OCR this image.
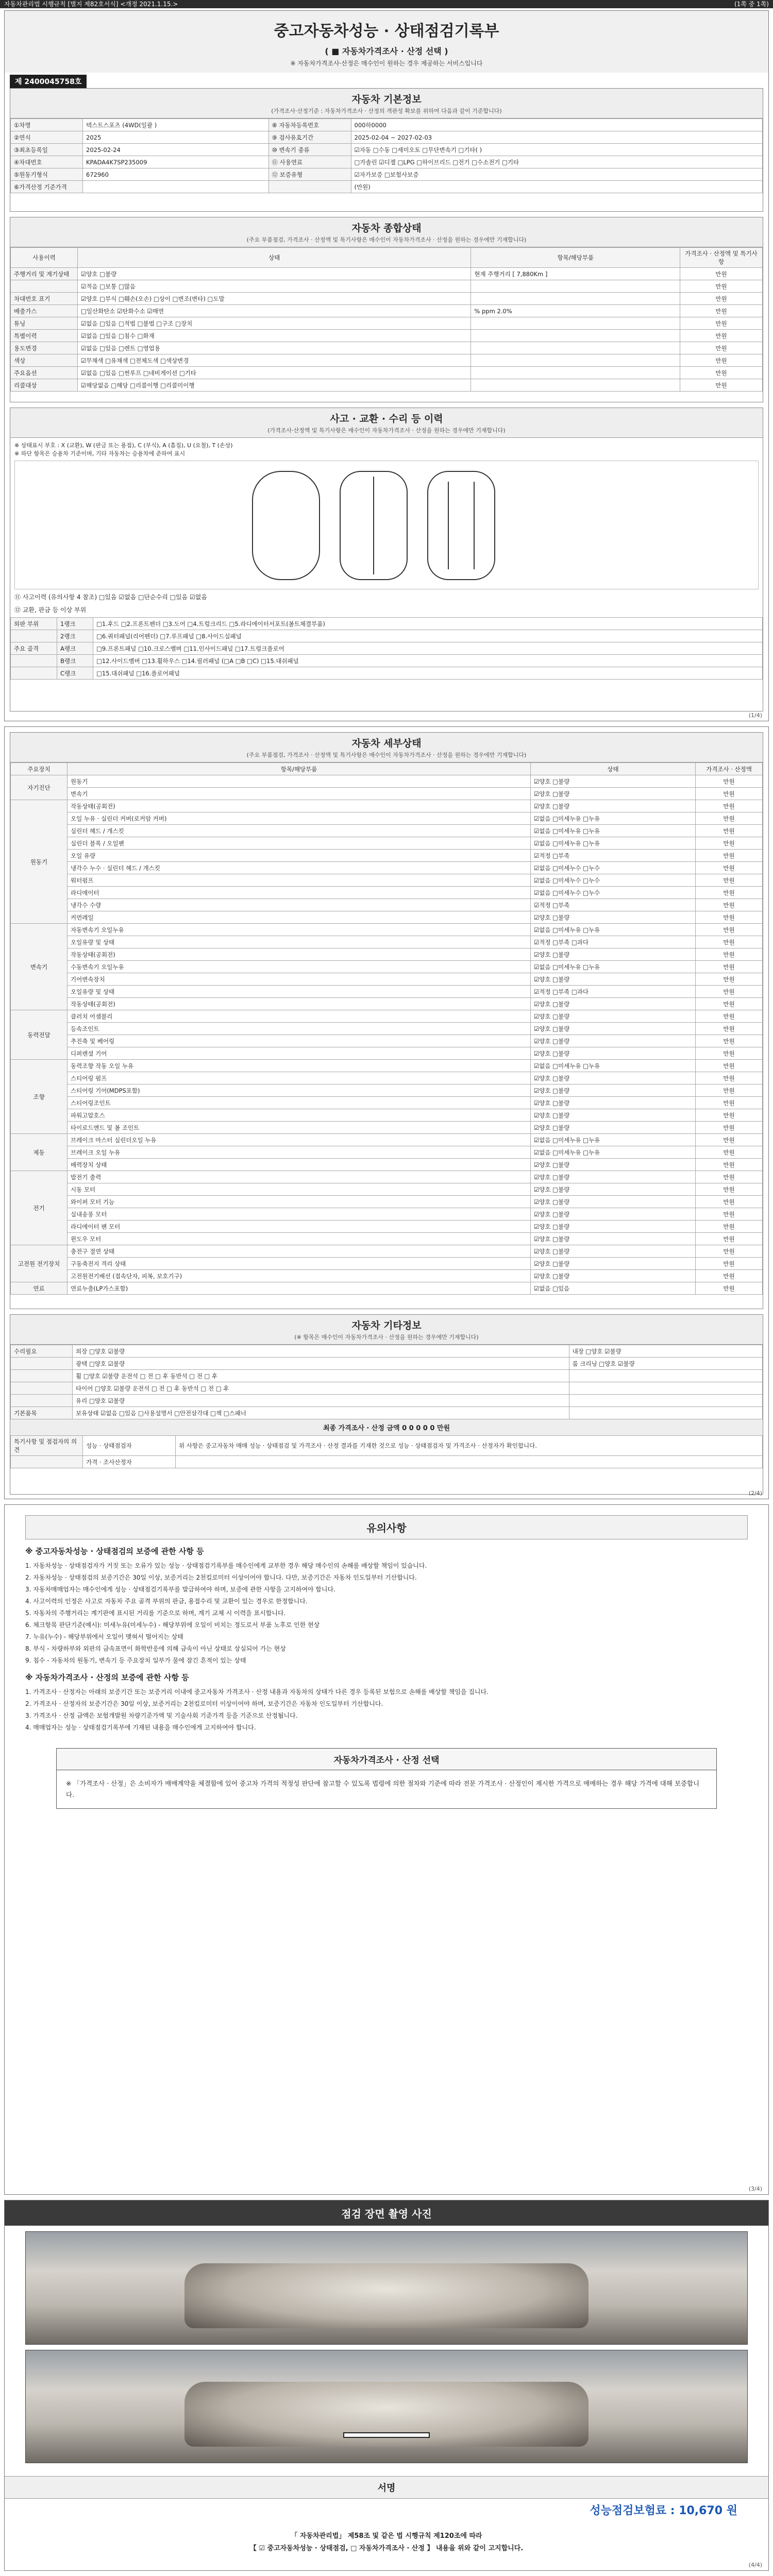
자동차관리법 시행규칙 [별지 제82호서식] <개정 2021.1.15.>	(1쪽 중 1쪽)
중고자동차성능 · 상태점검기록부
( ■ 자동차가격조사 · 산정 선택 )
※ 자동차가격조사·산정은 매수인이 원하는 경우 제공하는 서비스입니다
제 2400045758호
자동차 기본정보
(가격조사·산정기준 : 자동차가격조사 · 산정의 객관성 확보를 위하여 다음과 같이 기준합니다)
①차명	텍스트스포츠 (4WD(일괄 )	⑧ 자동차등록번호	000하0000
②연식	2025	⑨ 검사유효기간	2025-02-04 ~ 2027-02-03
③최초등록일	2025-02-24	⑩ 변속기 종류	☑자동 □수동 □세미오토 □무단변속기 □기타( )
④차대번호	KPADA4K7SP235009	⑪ 사용연료	□가솔린 ☑디젤 □LPG □하이브리드 □전기 □수소전기 □기타
⑤원동기형식	672960	⑫ 보증유형	☑자가보증 □보험사보증
⑥가격산정 기준가격			(만원)
자동차 종합상태
(주요 부품점검, 가격조사 · 산정액 및 특기사항은 매수인이 자동차가격조사 · 산정을 원하는 경우에만 기재합니다)
사용이력	상태	항목/해당부품	가격조사 · 산정액 및 특기사항
주행거리 및 계기상태	☑양호 □불량	현재 주행거리 [ 7,880Km ]	만원
	☑적음 □보통 □많음		만원
차대번호 표기	☑양호 □부식 □훼손(오손) □상이 □변조(변타) □도말		만원
배출가스	□일산화탄소 ☑탄화수소 ☑매연	% ppm 2.0%	만원
튜닝	☑없음 □있음 □적법 □불법 □구조 □장치		만원
특별이력	☑없음 □있음 □침수 □화재		만원
용도변경	☑없음 □있음 □렌트 □영업용		만원
색상	☑무채색 □유채색 □전체도색 □색상변경		만원
주요옵션	☑없음 □있음 □썬루프 □네비게이션 □기타		만원
리콜대상	☑해당없음 □해당 □리콜이행 □리콜미이행		만원
사고 · 교환 · 수리 등 이력
(가격조사·산정액 및 특기사항은 매수인이 자동차가격조사 · 산정을 원하는 경우에만 기재합니다)
※ 상태표시 부호 : X (교환), W (판금 또는 용접), C (부식), A (흠집), U (요철), T (손상)
※ 하단 항목은 승용차 기준이며, 기타 자동차는 승용차에 준하여 표시
⑪ 사고이력 (유의사항 4 참조) □있음 ☑없음 □단순수리 □있음 ☑없음
⑫ 교환, 판금 등 이상 부위
외판 부위	1랭크	□1.후드 □2.프론트펜더 □3.도어 □4.트렁크리드 □5.라디에이터서포트(볼트체결부품)
	2랭크	□6.쿼터패널(리어펜더) □7.루프패널 □8.사이드실패널
주요 골격	A랭크	□9.프론트패널 □10.크로스멤버 □11.인사이드패널 □17.트렁크플로어
	B랭크	□12.사이드멤버 □13.휠하우스 □14.필러패널 (□A □B □C) □15.대쉬패널
	C랭크	□15.대쉬패널 □16.플로어패널
(1/4)
자동차 세부상태
(주요 부품점검, 가격조사 · 산정액 및 특기사항은 매수인이 자동차가격조사 · 산정을 원하는 경우에만 기재합니다)
주요장치	항목/해당부품	상태	가격조사 · 산정액
자기진단	원동기	☑양호 □불량	만원
	변속기	☑양호 □불량	만원
원동기	작동상태(공회전)	☑양호 □불량	만원
	오일 누유 · 실린더 커버(로커암 커버)	☑없음 □미세누유 □누유	만원
	실린더 헤드 / 개스킷	☑없음 □미세누유 □누유	만원
	실린더 블록 / 오일팬	☑없음 □미세누유 □누유	만원
	오일 유량	☑적정 □부족	만원
	냉각수 누수 · 실린더 헤드 / 개스킷	☑없음 □미세누수 □누수	만원
	워터펌프	☑없음 □미세누수 □누수	만원
	라디에이터	☑없음 □미세누수 □누수	만원
	냉각수 수량	☑적정 □부족	만원
	커먼레일	☑양호 □불량	만원
변속기	자동변속기 오일누유	☑없음 □미세누유 □누유	만원
	오일유량 및 상태	☑적정 □부족 □과다	만원
	작동상태(공회전)	☑양호 □불량	만원
	수동변속기 오일누유	☑없음 □미세누유 □누유	만원
	기어변속장치	☑양호 □불량	만원
	오일유량 및 상태	☑적정 □부족 □과다	만원
	작동상태(공회전)	☑양호 □불량	만원
동력전달	클러치 어셈블리	☑양호 □불량	만원
	등속조인트	☑양호 □불량	만원
	추진축 및 베어링	☑양호 □불량	만원
	디퍼렌셜 기어	☑양호 □불량	만원
조향	동력조향 작동 오일 누유	☑없음 □미세누유 □누유	만원
	스티어링 펌프	☑양호 □불량	만원
	스티어링 기어(MDPS포함)	☑양호 □불량	만원
	스티어링조인트	☑양호 □불량	만원
	파워고압호스	☑양호 □불량	만원
	타이로드엔드 및 볼 조인트	☑양호 □불량	만원
제동	브레이크 마스터 실린더오일 누유	☑없음 □미세누유 □누유	만원
	브레이크 오일 누유	☑없음 □미세누유 □누유	만원
	배력장치 상태	☑양호 □불량	만원
전기	발전기 출력	☑양호 □불량	만원
	시동 모터	☑양호 □불량	만원
	와이퍼 모터 기능	☑양호 □불량	만원
	실내송풍 모터	☑양호 □불량	만원
	라디에이터 팬 모터	☑양호 □불량	만원
	윈도우 모터	☑양호 □불량	만원
고전원 전기장치	충전구 절연 상태	☑양호 □불량	만원
	구동축전지 격리 상태	☑양호 □불량	만원
	고전원전기배선 (접속단자, 피복, 보호기구)	☑양호 □불량	만원
연료	연료누출(LP가스포함)	☑없음 □있음	만원
자동차 기타정보
(※ 항목은 매수인이 자동차가격조사 · 산정을 원하는 경우에만 기재합니다)
수리필요	외장 □양호 ☑불량	내장 □양호 ☑불량
	광택 □양호 ☑불량	룸 크리닝 □양호 ☑불량
	휠 □양호 ☑불량 운전석 □ 전 □ 후 동반석 □ 전 □ 후	
	타이어 □양호 ☑불량 운전석 □ 전 □ 후 동반석 □ 전 □ 후	
	유리 □양호 ☑불량	
기본품목	보유상태 ☑없음 □있음 □사용설명서 □안전삼각대 □잭 □스패너	
최종 가격조사 · 산정 금액 0 0 0 0 0 만원
특기사항 및 점검자의 의견	성능 · 상태점검자	위 사항은 중고자동차 매매 성능 · 상태점검 및 가격조사 · 산정 결과를 기재한 것으로 성능 · 상태점검자 및 가격조사 · 산정자가 확인합니다.
	가격 · 조사산정자	
(2/4)
유의사항
※ 중고자동차성능 · 상태점검의 보증에 관한 사항 등

1. 자동차성능 · 상태점검자가 거짓 또는 오류가 있는 성능 · 상태점검기록부를 매수인에게 교부한 경우 해당 매수인의 손해를 배상할 책임이 있습니다.

2. 자동차성능 · 상태점검의 보증기간은 30일 이상, 보증거리는 2천킬로미터 이상이어야 합니다. 다만, 보증기간은 자동차 인도일부터 기산합니다.

3. 자동차매매업자는 매수인에게 성능 · 상태점검기록부를 발급하여야 하며, 보증에 관한 사항을 고지하여야 합니다.

4. 사고이력의 인정은 사고로 자동차 주요 골격 부위의 판금, 용접수리 및 교환이 있는 경우로 한정합니다.

5. 자동차의 주행거리는 계기판에 표시된 거리를 기준으로 하며, 계기 교체 시 이력을 표시합니다.

6. 체크항목 판단기준(예시): 미세누유(미세누수) - 해당부위에 오일이 비치는 정도로서 부품 노후로 인한 현상

7. 누유(누수) - 해당부위에서 오일이 맺혀서 떨어지는 상태

8. 부식 - 차량하부와 외판의 금속표면이 화학반응에 의해 금속이 아닌 상태로 상실되어 가는 현상

9. 침수 - 자동차의 원동기, 변속기 등 주요장치 일부가 물에 잠긴 흔적이 있는 상태

※ 자동차가격조사 · 산정의 보증에 관한 사항 등

1. 가격조사 · 산정자는 아래의 보증기간 또는 보증거리 이내에 중고자동차 가격조사 · 산정 내용과 자동차의 상태가 다른 경우 등록된 보험으로 손해를 배상할 책임을 집니다.

2. 가격조사 · 산정자의 보증기간은 30일 이상, 보증거리는 2천킬로미터 이상이어야 하며, 보증기간은 자동차 인도일부터 기산합니다.

3. 가격조사 · 산정 금액은 보험개발원 차량기준가액 및 기술사회 기준가격 등을 기준으로 산정됩니다.

4. 매매업자는 성능 · 상태점검기록부에 기재된 내용을 매수인에게 고지하여야 합니다.

자동차가격조사 · 산정 선택

※ 「가격조사 · 산정」은 소비자가 매매계약을 체결함에 있어 중고차 가격의 적정성 판단에 참고할 수 있도록 법령에 의한 절차와 기준에 따라 전문 가격조사 · 산정인이 제시한 가격으로 매매하는 경우 해당 가격에 대해 보증합니다.

(3/4)
점검 장면 촬영 사진
서명
성능점검보험료 : 10,670 원
「 자동차관리법」 제58조 및 같은 법 시행규칙 제120조에 따라
【 ☑ 중고자동차성능 · 상태점검, □ 자동차가격조사 · 산정 】 내용을 위와 같이 고지합니다.
(4/4)
